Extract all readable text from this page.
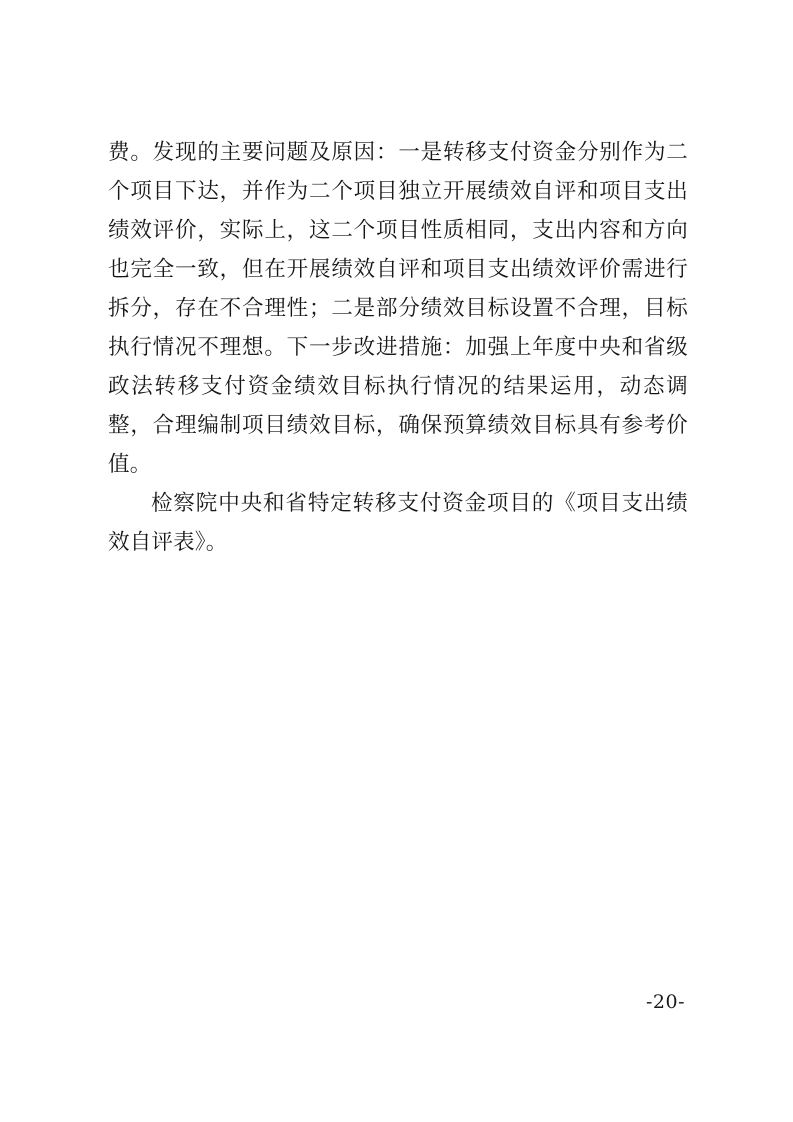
费。发现的主要问题及原因：一是转移支付资金分别作为二个项目下达，并作为二个项目独立开展绩效自评和项目支出绩效评价，实际上，这二个项目性质相同，支出内容和方向也完全一致，但在开展绩效自评和项目支出绩效评价需进行拆分，存在不合理性；二是部分绩效目标设置不合理，目标执行情况不理想。下一步改进措施：加强上年度中央和省级政法转移支付资金绩效目标执行情况的结果运用，动态调整，合理编制项目绩效目标，确保预算绩效目标具有参考价值。

检察院中央和省特定转移支付资金项目的《项目支出绩效自评表》。

-20-
